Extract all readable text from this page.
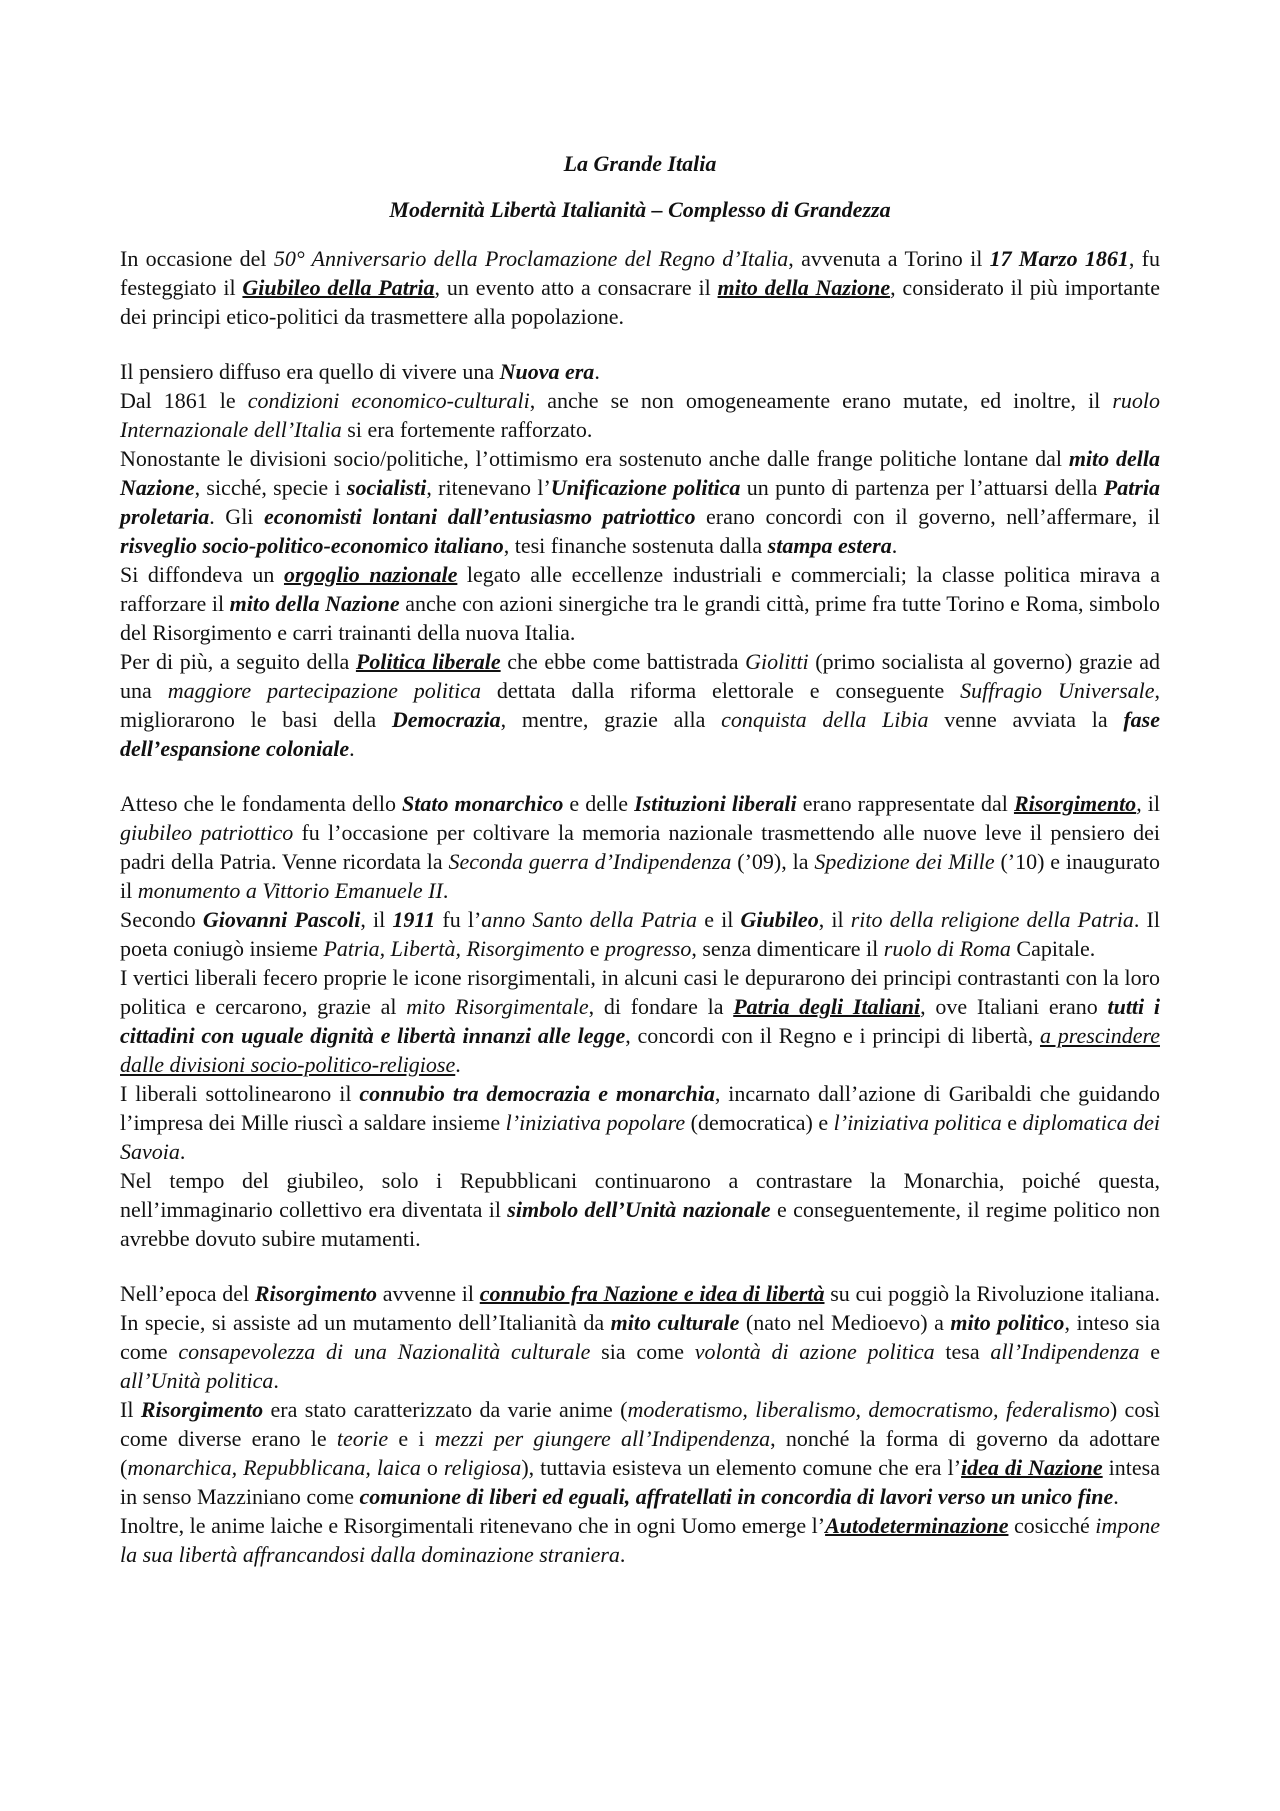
La Grande Italia

Modernità Libertà Italianità – Complesso di Grandezza

In occasione del 50° Anniversario della Proclamazione del Regno d’Italia, avvenuta a Torino il 17 Marzo 1861, fu festeggiato il Giubileo della Patria, un evento atto a consacrare il mito della Nazione, considerato il più importante dei principi etico-politici da trasmettere alla popolazione.

Il pensiero diffuso era quello di vivere una Nuova era.

Dal 1861 le condizioni economico-culturali, anche se non omogeneamente erano mutate, ed inoltre, il ruolo Internazionale dell’Italia si era fortemente rafforzato.

Nonostante le divisioni socio/politiche, l’ottimismo era sostenuto anche dalle frange politiche lontane dal mito della Nazione, sicché, specie i socialisti, ritenevano l’Unificazione politica un punto di partenza per l’attuarsi della Patria proletaria. Gli economisti lontani dall’entusiasmo patriottico erano concordi con il governo, nell’affermare, il risveglio socio-politico-economico italiano, tesi finanche sostenuta dalla stampa estera.

Si diffondeva un orgoglio nazionale legato alle eccellenze industriali e commerciali; la classe politica mirava a rafforzare il mito della Nazione anche con azioni sinergiche tra le grandi città, prime fra tutte Torino e Roma, simbolo del Risorgimento e carri trainanti della nuova Italia.

Per di più, a seguito della Politica liberale che ebbe come battistrada Giolitti (primo socialista al governo) grazie ad una maggiore partecipazione politica dettata dalla riforma elettorale e conseguente Suffragio Universale, migliorarono le basi della Democrazia, mentre, grazie alla conquista della Libia venne avviata la fase dell’espansione coloniale.

Atteso che le fondamenta dello Stato monarchico e delle Istituzioni liberali erano rappresentate dal Risorgimento, il giubileo patriottico fu l’occasione per coltivare la memoria nazionale trasmettendo alle nuove leve il pensiero dei padri della Patria. Venne ricordata la Seconda guerra d’Indipendenza (’09), la Spedizione dei Mille (’10) e inaugurato il monumento a Vittorio Emanuele II.

Secondo Giovanni Pascoli, il 1911 fu l’anno Santo della Patria e il Giubileo, il rito della religione della Patria. Il poeta coniugò insieme Patria, Libertà, Risorgimento e progresso, senza dimenticare il ruolo di Roma Capitale.

I vertici liberali fecero proprie le icone risorgimentali, in alcuni casi le depurarono dei principi contrastanti con la loro politica e cercarono, grazie al mito Risorgimentale, di fondare la Patria degli Italiani, ove Italiani erano tutti i cittadini con uguale dignità e libertà innanzi alle legge, concordi con il Regno e i principi di libertà, a prescindere dalle divisioni socio-politico-religiose.

I liberali sottolinearono il connubio tra democrazia e monarchia, incarnato dall’azione di Garibaldi che guidando l’impresa dei Mille riuscì a saldare insieme l’iniziativa popolare (democratica) e l’iniziativa politica e diplomatica dei Savoia.

Nel tempo del giubileo, solo i Repubblicani continuarono a contrastare la Monarchia, poiché questa, nell’immaginario collettivo era diventata il simbolo dell’Unità nazionale e conseguentemente, il regime politico non avrebbe dovuto subire mutamenti.

Nell’epoca del Risorgimento avvenne il connubio fra Nazione e idea di libertà su cui poggiò la Rivoluzione italiana. In specie, si assiste ad un mutamento dell’Italianità da mito culturale (nato nel Medioevo) a mito politico, inteso sia come consapevolezza di una Nazionalità culturale sia come volontà di azione politica tesa all’Indipendenza e all’Unità politica.

Il Risorgimento era stato caratterizzato da varie anime (moderatismo, liberalismo, democratismo, federalismo) così come diverse erano le teorie e i mezzi per giungere all’Indipendenza, nonché la forma di governo da adottare (monarchica, Repubblicana, laica o religiosa), tuttavia esisteva un elemento comune che era l’idea di Nazione intesa in senso Mazziniano come comunione di liberi ed eguali, affratellati in concordia di lavori verso un unico fine.

Inoltre, le anime laiche e Risorgimentali ritenevano che in ogni Uomo emerge l’Autodeterminazione cosicché impone la sua libertà affrancandosi dalla dominazione straniera.
